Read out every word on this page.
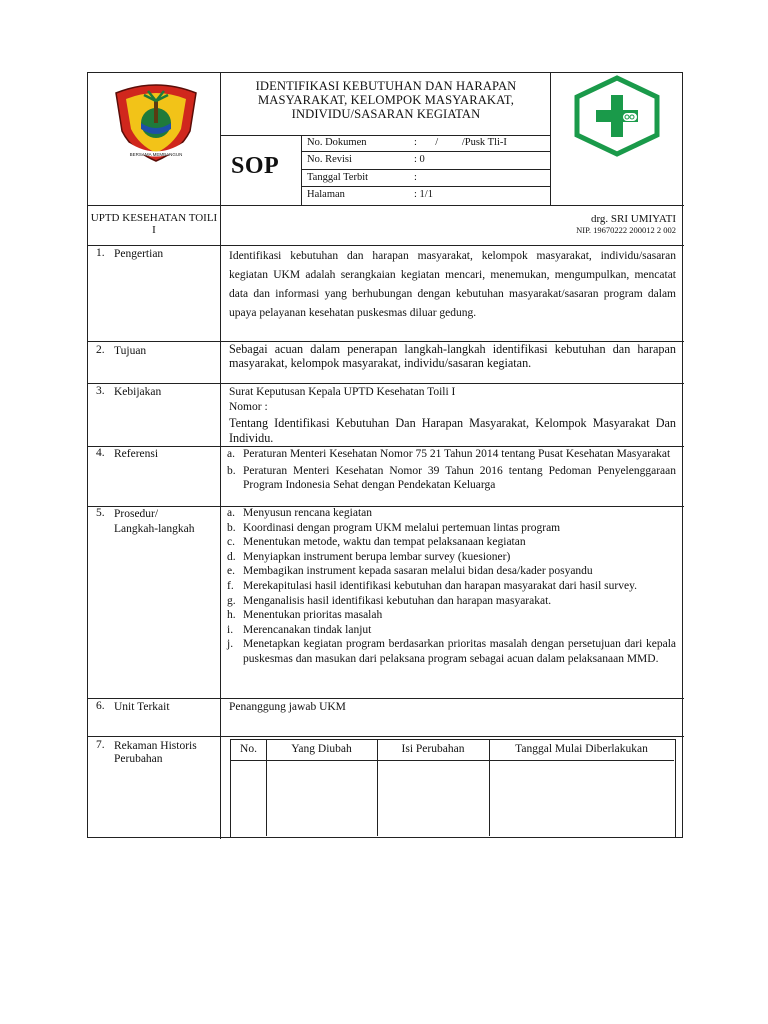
BERSAMA MEMBANGUN
IDENTIFIKASI KEBUTUHAN DAN HARAPAN MASYARAKAT, KELOMPOK MASYARAKAT, INDIVIDU/SASARAN KEGIATAN
SOP
No. Dokumen	:       /         /Pusk Tli-I
No. Revisi	: 0
Tanggal Terbit	:
Halaman	: 1/1
UPTD KESEHATAN TOILI I
drg. SRI UMIYATI
NIP. 19670222 200012 2 002
1. Pengertian	Identifikasi kebutuhan dan harapan masyarakat, kelompok masyarakat, individu/sasaran kegiatan UKM adalah serangkaian kegiatan mencari, menemukan, mengumpulkan, mencatat data dan informasi yang berhubungan dengan kebutuhan masyarakat/sasaran program dalam upaya pelayanan kesehatan puskesmas diluar gedung.
2. Tujuan	Sebagai acuan dalam penerapan langkah-langkah identifikasi kebutuhan dan harapan masyarakat, kelompok masyarakat, individu/sasaran kegiatan.
3. Kebijakan	Surat Keputusan Kepala UPTD Kesehatan Toili I
Nomor :
Tentang Identifikasi Kebutuhan Dan Harapan Masyarakat, Kelompok Masyarakat Dan Individu.
4. Referensi	a. Peraturan Menteri Kesehatan Nomor 75 21 Tahun 2014 tentang Pusat Kesehatan Masyarakat
b. Peraturan Menteri Kesehatan Nomor 39 Tahun 2016 tentang Pedoman Penyelenggaraan Program Indonesia Sehat dengan Pendekatan Keluarga
5. Prosedur/
Langkah-langkah
a. Menyusun rencana kegiatan
b. Koordinasi dengan program UKM melalui pertemuan lintas program
c. Menentukan metode, waktu dan tempat pelaksanaan kegiatan
d. Menyiapkan instrument berupa lembar survey (kuesioner)
e. Membagikan instrument kepada sasaran melalui bidan desa/kader posyandu
f. Merekapitulasi hasil identifikasi kebutuhan dan harapan masyarakat dari hasil survey.
g. Menganalisis hasil identifikasi kebutuhan dan harapan masyarakat.
h. Menentukan prioritas masalah
i. Merencanakan tindak lanjut
j. Menetapkan kegiatan program berdasarkan prioritas masalah dengan persetujuan dari kepala puskesmas dan masukan dari pelaksana program sebagai acuan dalam pelaksanaan MMD.
6. Unit Terkait	Penanggung jawab UKM
7. Rekaman Historis
Perubahan
No.	Yang Diubah	Isi Perubahan	Tanggal Mulai Diberlakukan
